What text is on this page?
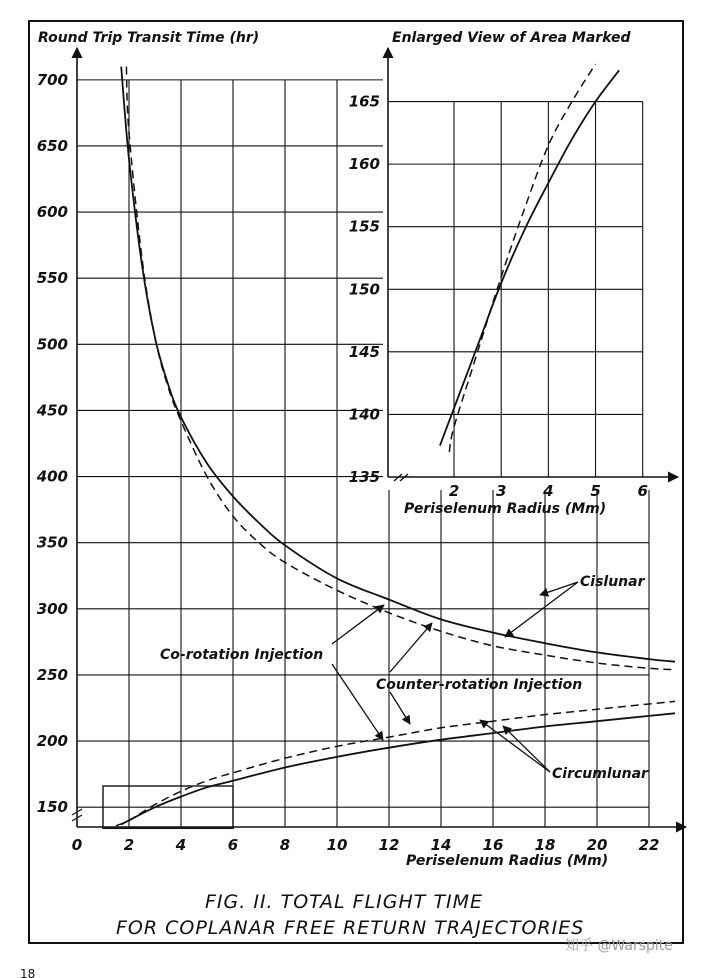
150
200
250
300
350
400
450
500
550
600
650
700
0	2	4	6	8 10 12 14 16 18 20 22
135
140
145
150
155
160
165
2 3 4 5 6
Round Trip Transit Time (hr)	Enlarged View of Area Marked
Periselenum Radius (Mm)
Periselenum Radius (Mm)
Cislunar
Circumlunar
Co-rotation Injection
Counter-rotation Injection
FIG. II. TOTAL FLIGHT TIME
FOR COPLANAR FREE RETURN TRAJECTORIES
知乎 @Warspite
18
